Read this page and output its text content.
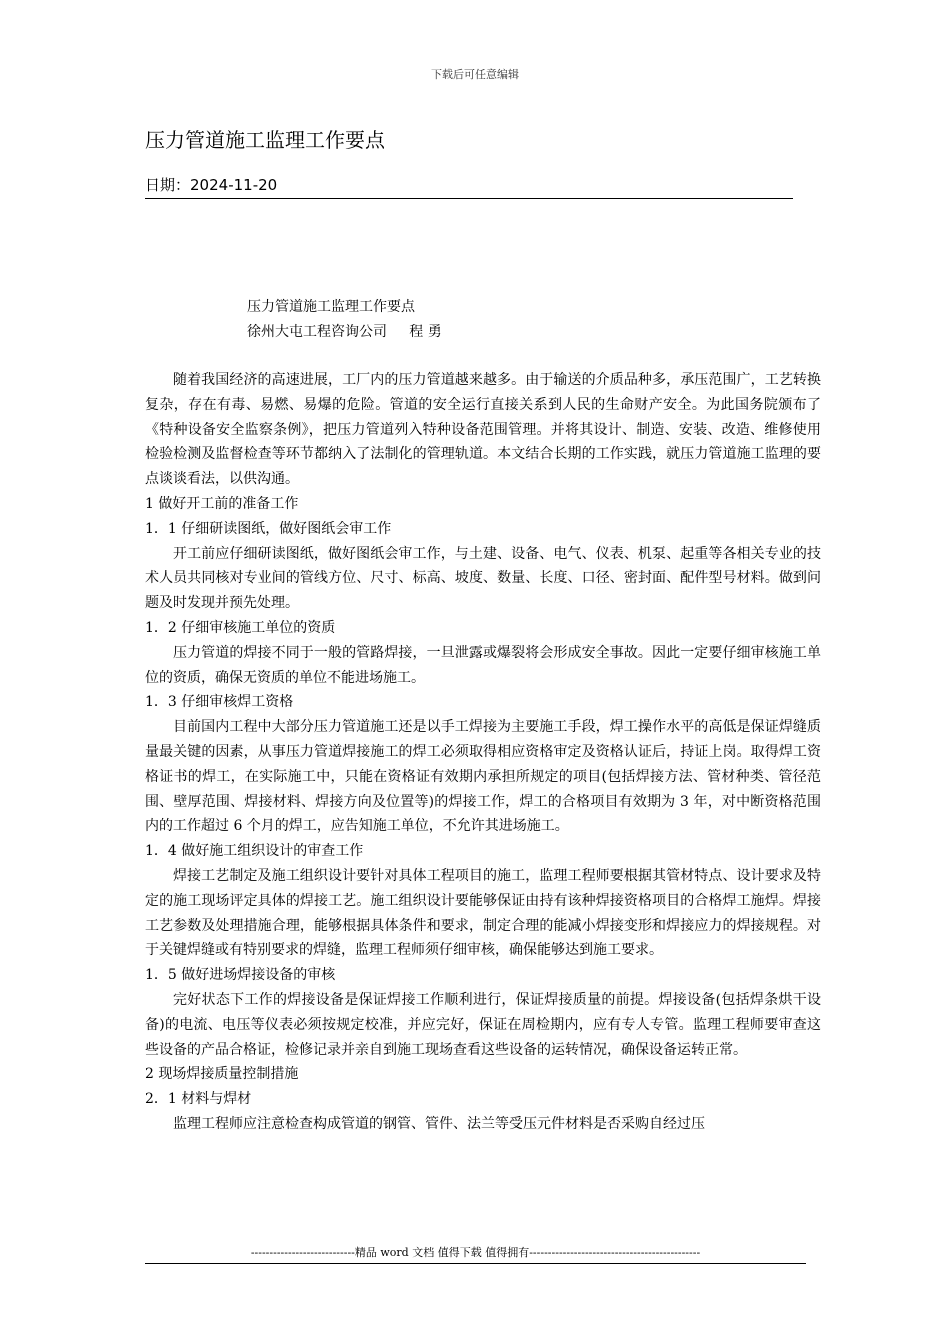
下载后可任意编辑
压力管道施工监理工作要点
日期：2024-11-20
压力管道施工监理工作要点
徐州大屯工程咨询公司     程 勇

随着我国经济的高速进展，工厂内的压力管道越来越多。由于输送的介质品种多，承压范围广，工艺转换复杂，存在有毒、易燃、易爆的危险。管道的安全运行直接关系到人民的生命财产安全。为此国务院颁布了《特种设备安全监察条例》，把压力管道列入特种设备范围管理。并将其设计、制造、安装、改造、维修使用检验检测及监督检查等环节都纳入了法制化的管理轨道。本文结合长期的工作实践，就压力管道施工监理的要点谈谈看法，以供沟通。

1 做好开工前的准备工作

1．1 仔细研读图纸，做好图纸会审工作

开工前应仔细研读图纸，做好图纸会审工作，与土建、设备、电气、仪表、机泵、起重等各相关专业的技术人员共同核对专业间的管线方位、尺寸、标高、坡度、数量、长度、口径、密封面、配件型号材料。做到问题及时发现并预先处理。

1．2 仔细审核施工单位的资质

压力管道的焊接不同于一般的管路焊接，一旦泄露或爆裂将会形成安全事故。因此一定要仔细审核施工单位的资质，确保无资质的单位不能进场施工。

1．3 仔细审核焊工资格

目前国内工程中大部分压力管道施工还是以手工焊接为主要施工手段，焊工操作水平的高低是保证焊缝质量最关键的因素，从事压力管道焊接施工的焊工必须取得相应资格审定及资格认证后，持证上岗。取得焊工资格证书的焊工，在实际施工中，只能在资格证有效期内承担所规定的项目(包括焊接方法、管材种类、管径范围、壁厚范围、焊接材料、焊接方向及位置等)的焊接工作，焊工的合格项目有效期为 3 年，对中断资格范围内的工作超过 6 个月的焊工，应告知施工单位，不允许其进场施工。

1．4 做好施工组织设计的审查工作

焊接工艺制定及施工组织设计要针对具体工程项目的施工，监理工程师要根据其管材特点、设计要求及特定的施工现场评定具体的焊接工艺。施工组织设计要能够保证由持有该种焊接资格项目的合格焊工施焊。焊接工艺参数及处理措施合理，能够根据具体条件和要求，制定合理的能减小焊接变形和焊接应力的焊接规程。对于关键焊缝或有特别要求的焊缝，监理工程师须仔细审核，确保能够达到施工要求。

1．5 做好进场焊接设备的审核

完好状态下工作的焊接设备是保证焊接工作顺利进行，保证焊接质量的前提。焊接设备(包括焊条烘干设备)的电流、电压等仪表必须按规定校准，并应完好，保证在周检期内，应有专人专管。监理工程师要审查这些设备的产品合格证，检修记录并亲自到施工现场查看这些设备的运转情况，确保设备运转正常。

2 现场焊接质量控制措施

2．1 材料与焊材

监理工程师应注意检查构成管道的钢管、管件、法兰等受压元件材料是否采购自经过压

----------------------------精品 word 文档 值得下载 值得拥有----------------------------------------------
